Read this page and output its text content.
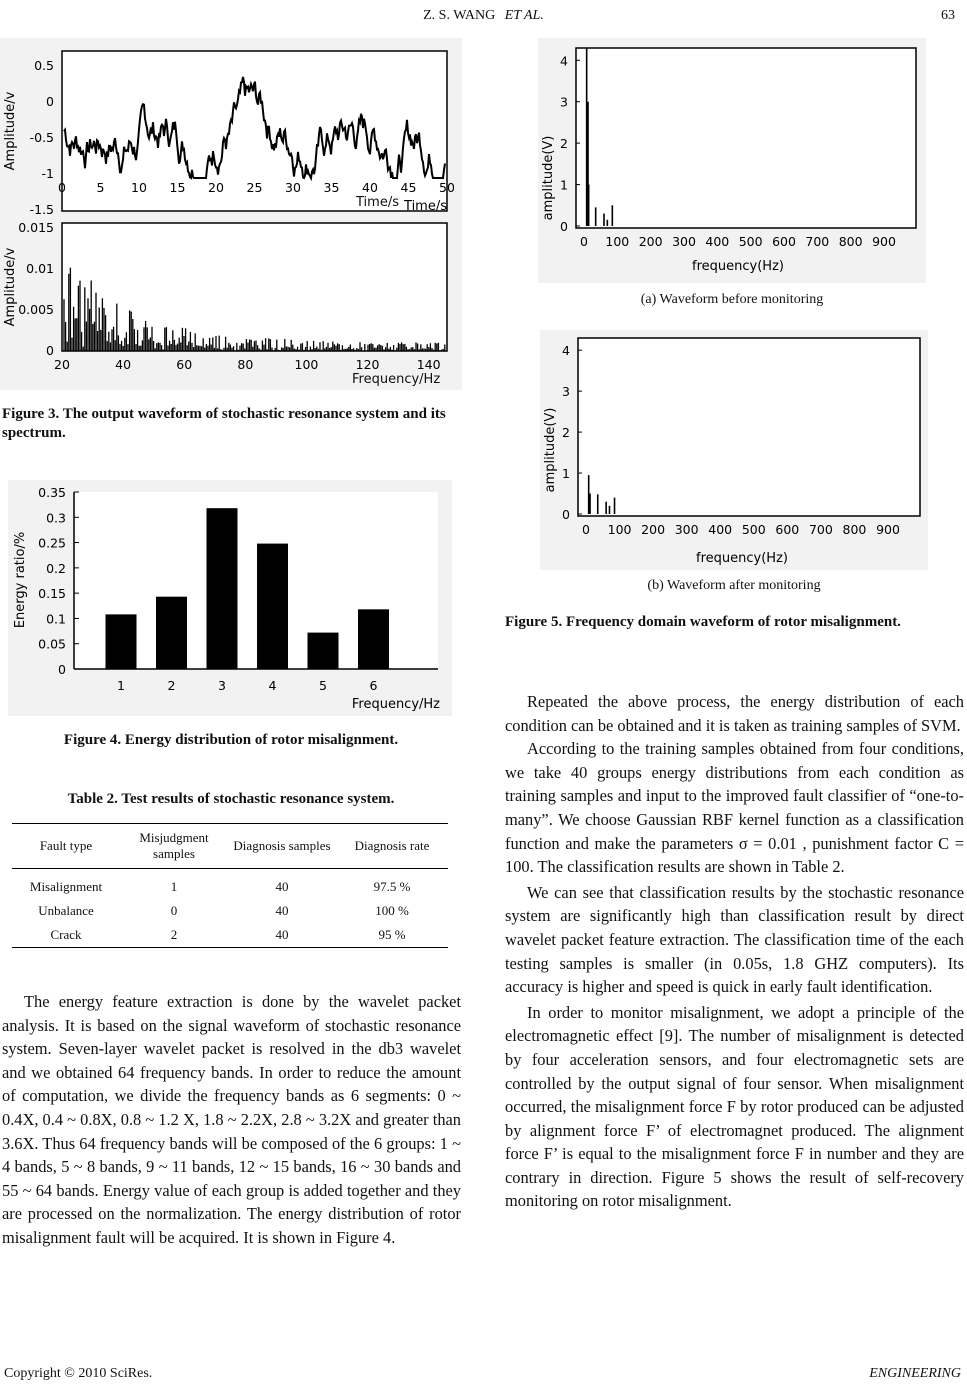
Z. S. WANG ET AL.	63
0.5
0
-0.5
-1
-1.5
0 5 10 15 20 25 30 35 40 45 50
Amplitude/v
Time/s
0.015
0.01
0.005
0
20	40	60	80	100	120	140
Amplitude/v
Time/s
Frequency/Hz
Figure 3. The output waveform of stochastic resonance system and its spectrum.
0.35
0.3
0.25
0.2
0.15
0.1
0.05
0
1	2	3	4	5	6
Energy ratio/%
Frequency/Hz
Figure 4. Energy distribution of rotor misalignment.
Table 2. Test results of stochastic resonance system.
Fault type	Misjudgment samples	Diagnosis samples	Diagnosis rate
Misalignment	1	40	97.5 %
Unbalance	0	40	100 %
Crack	2	40	95 %

The energy feature extraction is done by the wavelet packet analysis. It is based on the signal waveform of stochastic resonance system. Seven-layer wavelet packet is resolved in the db3 wavelet and we obtained 64 frequency bands. In order to reduce the amount of computation, we divide the frequency bands as 6 segments: 0 ~ 0.4X, 0.4 ~ 0.8X, 0.8 ~ 1.2 X, 1.8 ~ 2.2X, 2.8 ~ 3.2X and greater than 3.6X. Thus 64 frequency bands will be composed of the 6 groups: 1 ~ 4 bands, 5 ~ 8 bands, 9 ~ 11 bands, 12 ~ 15 bands, 16 ~ 30 bands and 55 ~ 64 bands. Energy value of each group is added together and they are processed on the normalization. The energy distribution of rotor misalignment fault will be acquired. It is shown in Figure 4.

4
3
2
1
0
0 100 200 300 400 500 600 700 800 900
amplitude(V)
frequency(Hz)
(a) Waveform before monitoring
4
3
2
1
0
0 100 200 300 400 500 600 700 800 900
amplitude(V)
frequency(Hz)
(b) Waveform after monitoring
Figure 5. Frequency domain waveform of rotor misalignment.

Repeated the above process, the energy distribution of each condition can be obtained and it is taken as training samples of SVM.

According to the training samples obtained from four conditions, we take 40 groups energy distributions from each condition as training samples and input to the improved fault classifier of “one-to-many”. We choose Gaussian RBF kernel function as a classification function and make the parameters σ = 0.01 , punishment factor C = 100. The classification results are shown in Table 2.

We can see that classification results by the stochastic resonance system are significantly high than classification result by direct wavelet packet feature extraction. The classification time of the each testing samples is smaller (in 0.05s, 1.8 GHZ computers). Its accuracy is higher and speed is quick in early fault identification.

In order to monitor misalignment, we adopt a principle of the electromagnetic effect [9]. The number of misalignment is detected by four acceleration sensors, and four electromagnetic sets are controlled by the output signal of four sensor. When misalignment occurred, the misalignment force F by rotor produced can be adjusted by alignment force F’ of electromagnet produced. The alignment force F’ is equal to the misalignment force F in number and they are contrary in direction. Figure 5 shows the result of self-recovery monitoring on rotor misalignment.

Copyright © 2010 SciRes.	ENGINEERING
